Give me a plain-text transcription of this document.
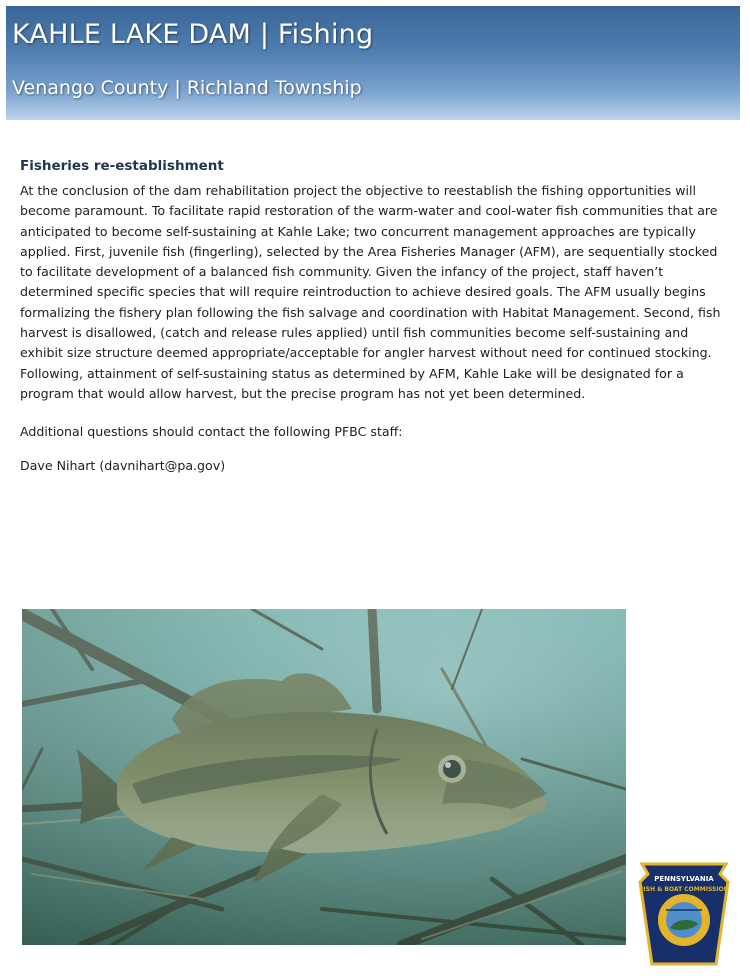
KAHLE LAKE DAM | Fishing
Venango County | Richland Township
Fisheries re-establishment

At the conclusion of the dam rehabilitation project the objective to reestablish the fishing opportunities will become paramount. To facilitate rapid restoration of the warm-water and cool-water fish communities that are anticipated to become self-sustaining at Kahle Lake; two concurrent management approaches are typically applied. First, juvenile fish (fingerling), selected by the Area Fisheries Manager (AFM), are sequentially stocked to facilitate development of a balanced fish community. Given the infancy of the project, staff haven’t determined specific species that will require reintroduction to achieve desired goals. The AFM usually begins formalizing the fishery plan following the fish salvage and coordination with Habitat Management. Second, fish harvest is disallowed, (catch and release rules applied) until fish communities become self-sustaining and exhibit size structure deemed appropriate/acceptable for angler harvest without need for continued stocking. Following, attainment of self-sustaining status as determined by AFM, Kahle Lake will be designated for a program that would allow harvest, but the precise program has not yet been determined.

Additional questions should contact the following PFBC staff:

Dave Nihart (davnihart@pa.gov)

PENNSYLVANIA
FISH & BOAT COMMISSION
